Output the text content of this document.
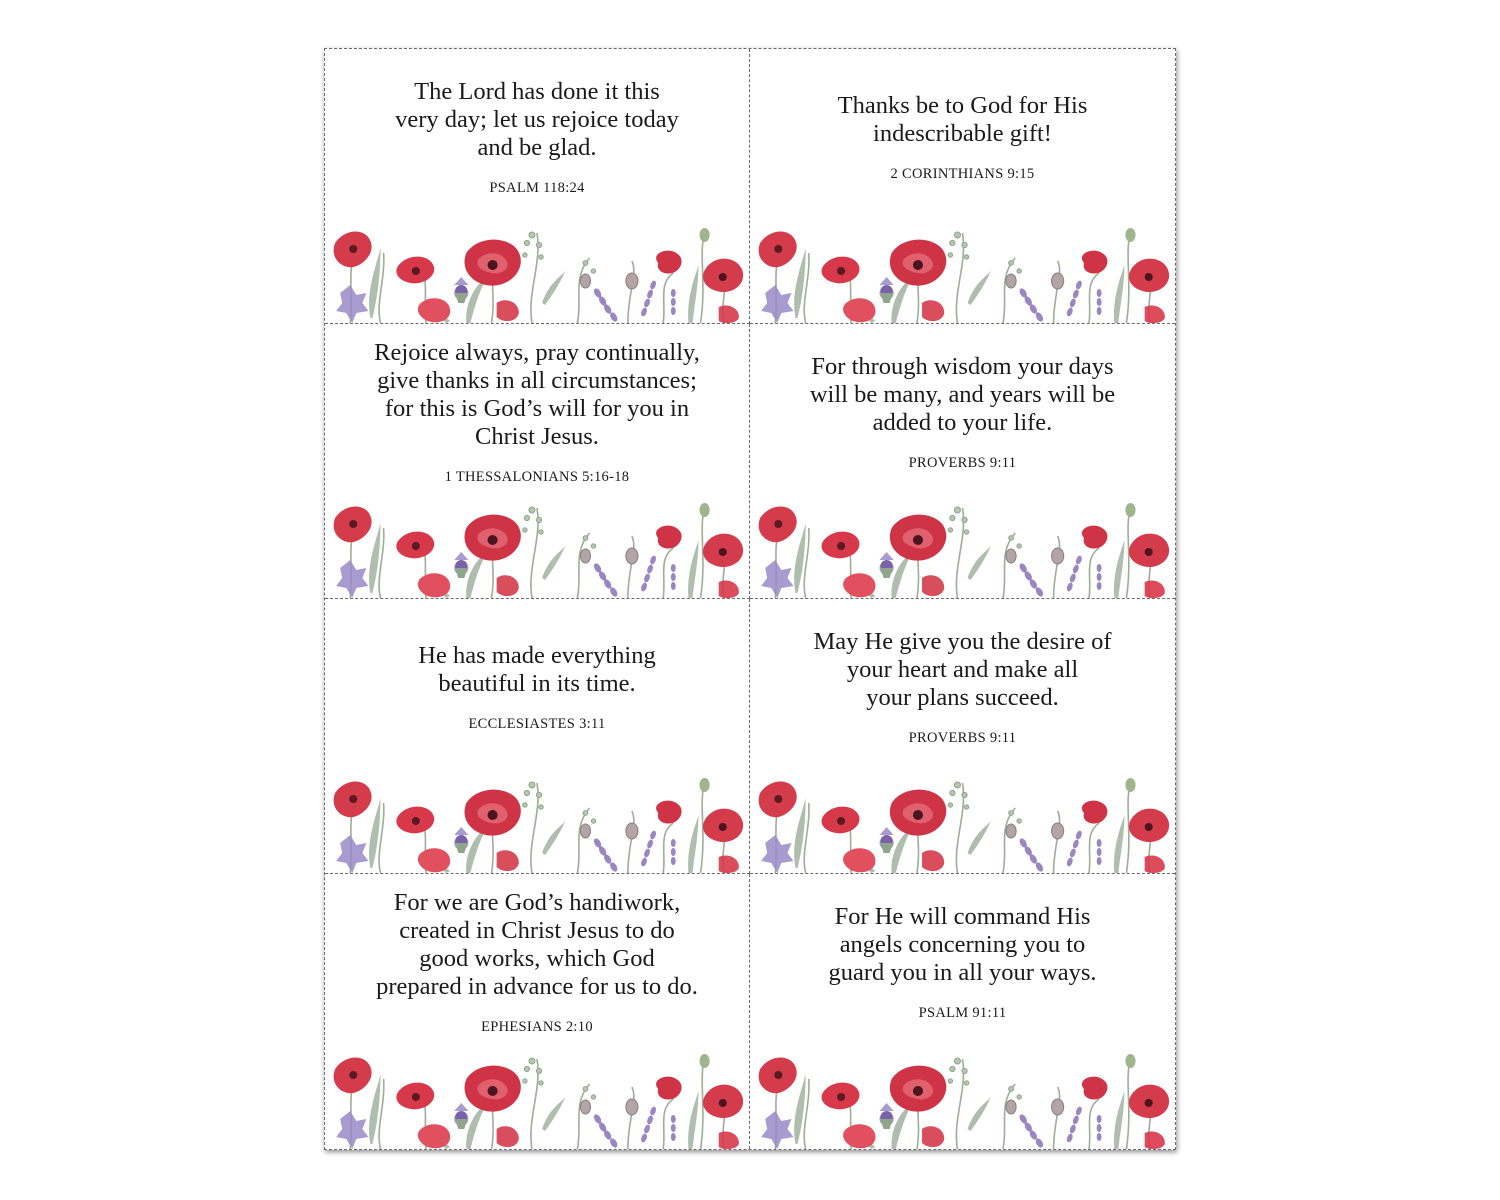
The Lord has done it this
very day; let us rejoice today
and be glad.

PSALM 118:24

Thanks be to God for His
indescribable gift!

2 CORINTHIANS 9:15

Rejoice always, pray continually,
give thanks in all circumstances;
for this is God’s will for you in
Christ Jesus.

1 THESSALONIANS 5:16-18

For through wisdom your days
will be many, and years will be
added to your life.

PROVERBS 9:11

He has made everything
beautiful in its time.

ECCLESIASTES 3:11

May He give you the desire of
your heart and make all
your plans succeed.

PROVERBS 9:11

For we are God’s handiwork,
created in Christ Jesus to do
good works, which God
prepared in advance for us to do.

EPHESIANS 2:10

For He will command His
angels concerning you to
guard you in all your ways.

PSALM 91:11
